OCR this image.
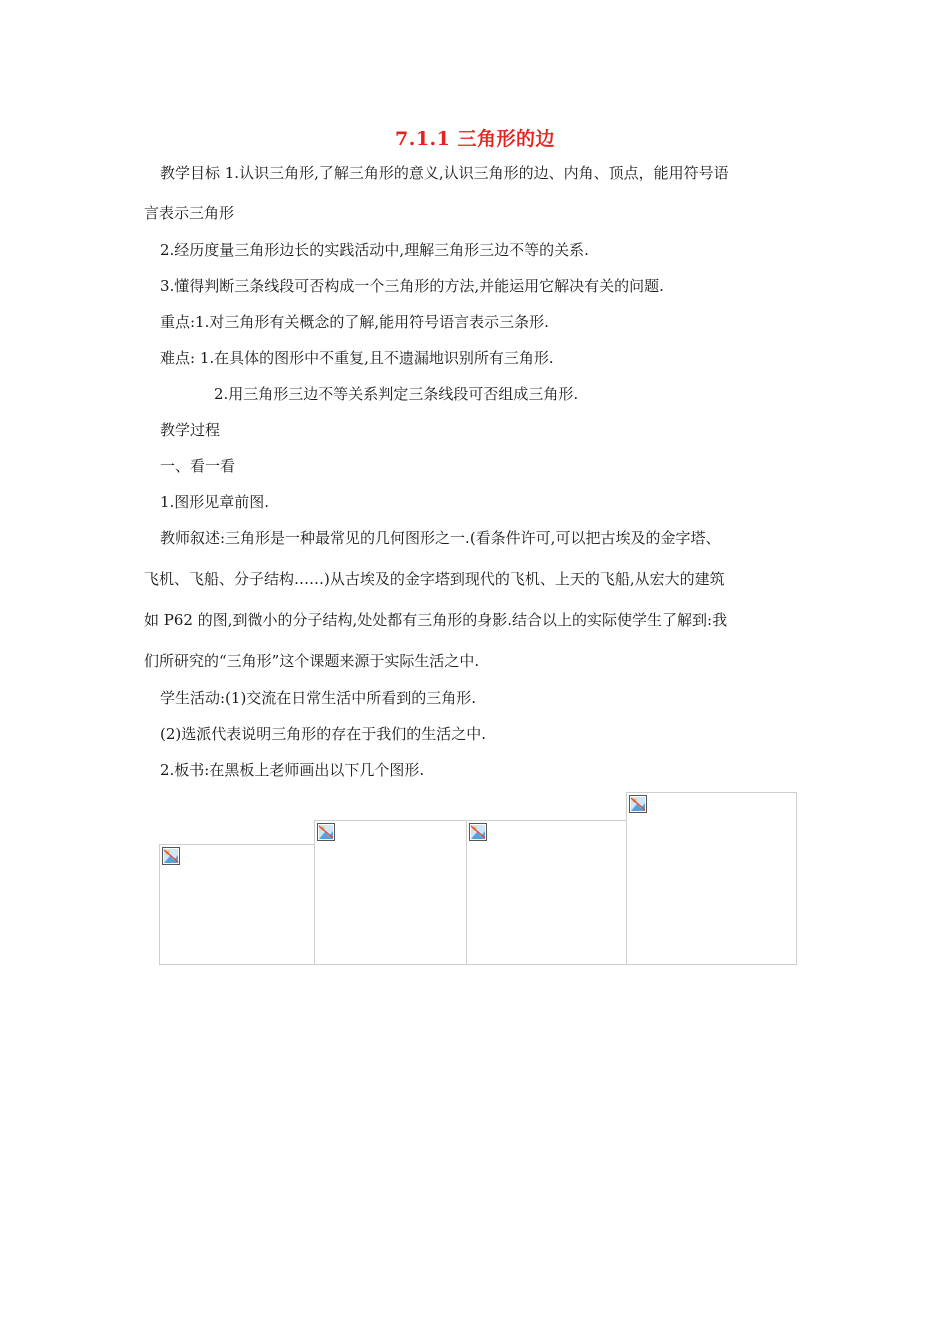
7.1.1 三角形的边
教学目标 1.认识三角形,了解三角形的意义,认识三角形的边、内角、顶点，能用符号语
言表示三角形
2.经历度量三角形边长的实践活动中,理解三角形三边不等的关系.
3.懂得判断三条线段可否构成一个三角形的方法,并能运用它解决有关的问题.
重点:1.对三角形有关概念的了解,能用符号语言表示三条形.
难点: 1.在具体的图形中不重复,且不遗漏地识别所有三角形.
2.用三角形三边不等关系判定三条线段可否组成三角形.
教学过程
一、看一看
1.图形见章前图.
教师叙述:三角形是一种最常见的几何图形之一.(看条件许可,可以把古埃及的金字塔、
飞机、飞船、分子结构……)从古埃及的金字塔到现代的飞机、上天的飞船,从宏大的建筑
如 P62 的图,到微小的分子结构,处处都有三角形的身影.结合以上的实际使学生了解到:我
们所研究的“三角形”这个课题来源于实际生活之中.
学生活动:(1)交流在日常生活中所看到的三角形.
(2)选派代表说明三角形的存在于我们的生活之中.
2.板书:在黑板上老师画出以下几个图形.
